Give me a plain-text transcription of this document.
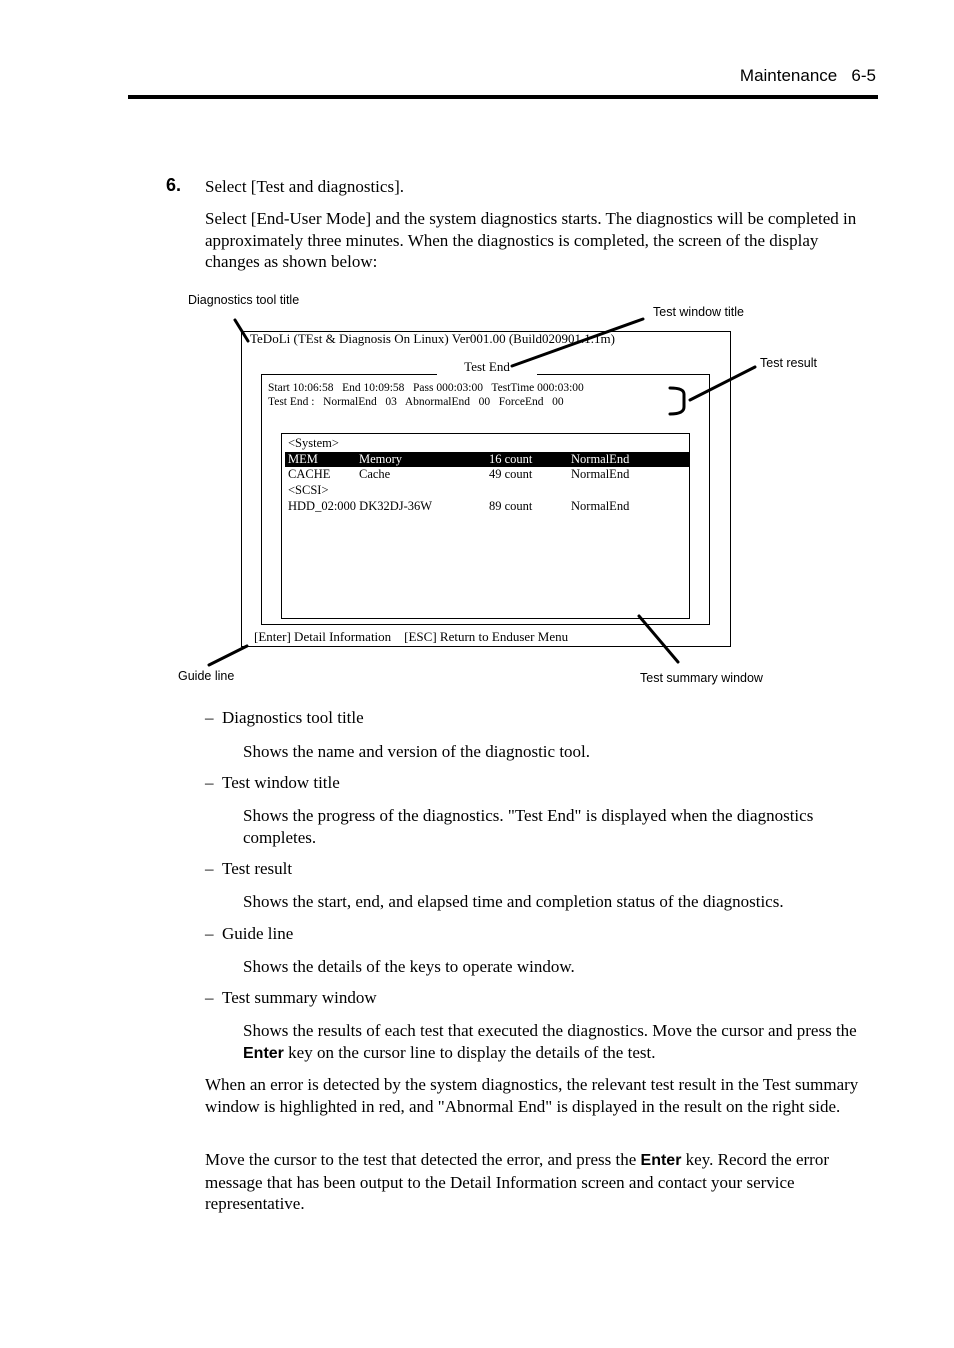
Maintenance 6-5
6. Select [Test and diagnostics].
Select [End-User Mode] and the system diagnostics starts. The diagnostics will be completed in approximately three minutes. When the diagnostics is completed, the screen of the display changes as shown below:
Diagnostics tool title
Test window title
Test result
Guide line	Test summary window
TeDoLi (TEst & Diagnosis On Linux) Ver001.00 (Build020901.1.1m)
Test End
Start 10:06:58   End 10:09:58   Pass 000:03:00   TestTime 000:03:00
Test End :   NormalEnd   03   AbnormalEnd   00   ForceEnd   00
<System>
MEM	Memory	16 count	NormalEnd
CACHE Cache	49 count	NormalEnd
<SCSI>
HDD_02:000 DK32DJ-36W	89 count	NormalEnd
[Enter] Detail Information    [ESC] Return to Enduser Menu
– Diagnostics tool title
Shows the name and version of the diagnostic tool.
– Test window title
Shows the progress of the diagnostics. "Test End" is displayed when the diagnostics completes.
– Test result
Shows the start, end, and elapsed time and completion status of the diagnostics.
– Guide line
Shows the details of the keys to operate window.
– Test summary window
Shows the results of each test that executed the diagnostics. Move the cursor and press the Enter key on the cursor line to display the details of the test.
When an error is detected by the system diagnostics, the relevant test result in the Test summary window is highlighted in red, and "Abnormal End" is displayed in the result on the right side.
Move the cursor to the test that detected the error, and press the Enter key. Record the error message that has been output to the Detail Information screen and contact your service representative.
